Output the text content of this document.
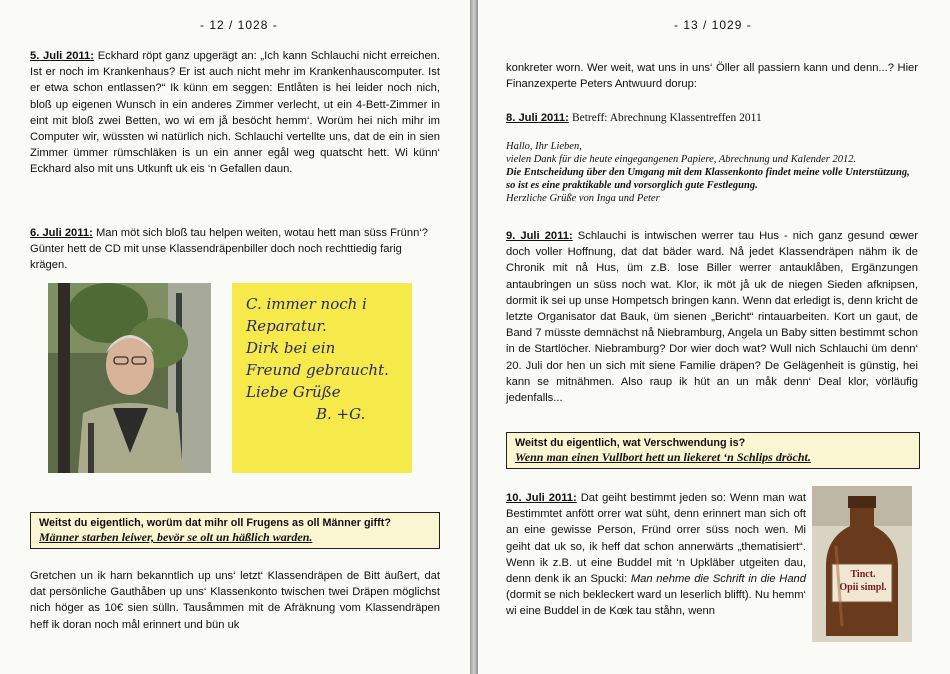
- 12 / 1028 -
5. Juli 2011: Eckhard röpt ganz upgerägt an: „Ich kann Schlauchi nicht erreichen. Ist er noch im Krankenhaus? Er ist auch nicht mehr im Krankenhauscomputer. Ist er etwa schon entlassen?“ Ik künn em seggen: Entlåten is hei leider noch nich, bloß up eigenen Wunsch in ein anderes Zimmer verlecht, ut ein 4-Bett-Zimmer in eint mit bloß zwei Betten, wo wi em jå besöcht hemm‘. Worüm hei nich mihr im Computer wir, wüssten wi natürlich nich. Schlauchi vertellte uns, dat de ein in sien Zimmer ümmer rümschläken is un ein anner egål weg quatscht hett. Wi künn‘ Eckhard also mit uns Utkunft uk eis ‘n Gefallen daun.
6. Juli 2011: Man möt sich bloß tau helpen weiten, wotau hett man süss Frünn‘? Günter hett de CD mit unse Klassendräpenbiller doch noch rechttiedig farig krägen.
C. immer noch i
Reparatur.
Dirk bei ein
Freund gebraucht.
Liebe Grüße
B. +G.
Weitst du eigentlich, worüm dat mihr oll Frugens as oll Männer gifft?
Männer starben leiwer, bevör se olt un häßlich warden.
Gretchen un ik harn bekanntlich up uns‘ letzt‘ Klassendräpen de Bitt äußert, dat dat persönliche Gauthåben up uns‘ Klassenkonto twischen twei Dräpen möglichst nich höger as 10€ sien sülln. Tausåmmen mit de Afräknung vom Klassendräpen heff ik doran noch mål erinnert und bün uk
- 13 / 1029 -
konkreter worn. Wer weit, wat uns in uns‘ Öller all passiern kann und denn...? Hier Finanzexperte Peters Antwuurd dorup:
8. Juli 2011: Betreff: Abrechnung Klassentreffen 2011
Hallo, Ihr Lieben,
vielen Dank für die heute eingegangenen Papiere, Abrechnung und Kalender 2012.
Die Entscheidung über den Umgang mit dem Klassenkonto findet meine volle Unterstützung, so ist es eine praktikable und vorsorglich gute Festlegung.
Herzliche Grüße von Inga und Peter
9. Juli 2011: Schlauchi is intwischen werrer tau Hus - nich ganz gesund œwer doch voller Hoffnung, dat dat bäder ward. Nå jedet Klassendräpen nähm ik de Chronik mit nå Hus, üm z.B. lose Biller werrer antauklåben, Ergänzungen antaubringen un süss noch wat. Klor, ik möt jå uk de niegen Sieden afknipsen, dormit ik sei up unse Hompetsch bringen kann. Wenn dat erledigt is, denn kricht de letzte Organisator dat Bauk, üm sienen „Bericht“ rintauarbeiten. Kort un gaut, de Band 7 müsste demnächst nå Niebramburg, Angela un Baby sitten bestimmt schon in de Startlöcher. Niebramburg? Dor wier doch wat? Wull nich Schlauchi üm denn‘ 20. Juli dor hen un sich mit siene Familie dräpen? De Gelägenheit is günstig, hei kann se mitnähmen. Also raup ik hüt an un måk denn‘ Deal klor, vörläufig jedenfalls...
Weitst du eigentlich, wat Verschwendung is?
Wenn man einen Vullbort hett un liekeret ‘n Schlips dröcht.
10. Juli 2011: Dat geiht bestimmt jeden so: Wenn man wat Bestimmtet anfött orrer wat süht, denn erinnert man sich oft an eine gewisse Person, Fründ orrer süss noch wen. Mi geiht dat uk so, ik heff dat schon annerwärts „thematisiert“. Wenn ik z.B. ut eine Buddel mit ‘n Upkläber utgeiten dau, denn denk ik an Spucki: Man nehme die Schrift in die Hand (dormit se nich bekleckert ward un leserlich blifft). Nu hemm‘ wi eine Buddel in de Kœk tau ståhn, wenn
Tinct.
Opii simpl.
